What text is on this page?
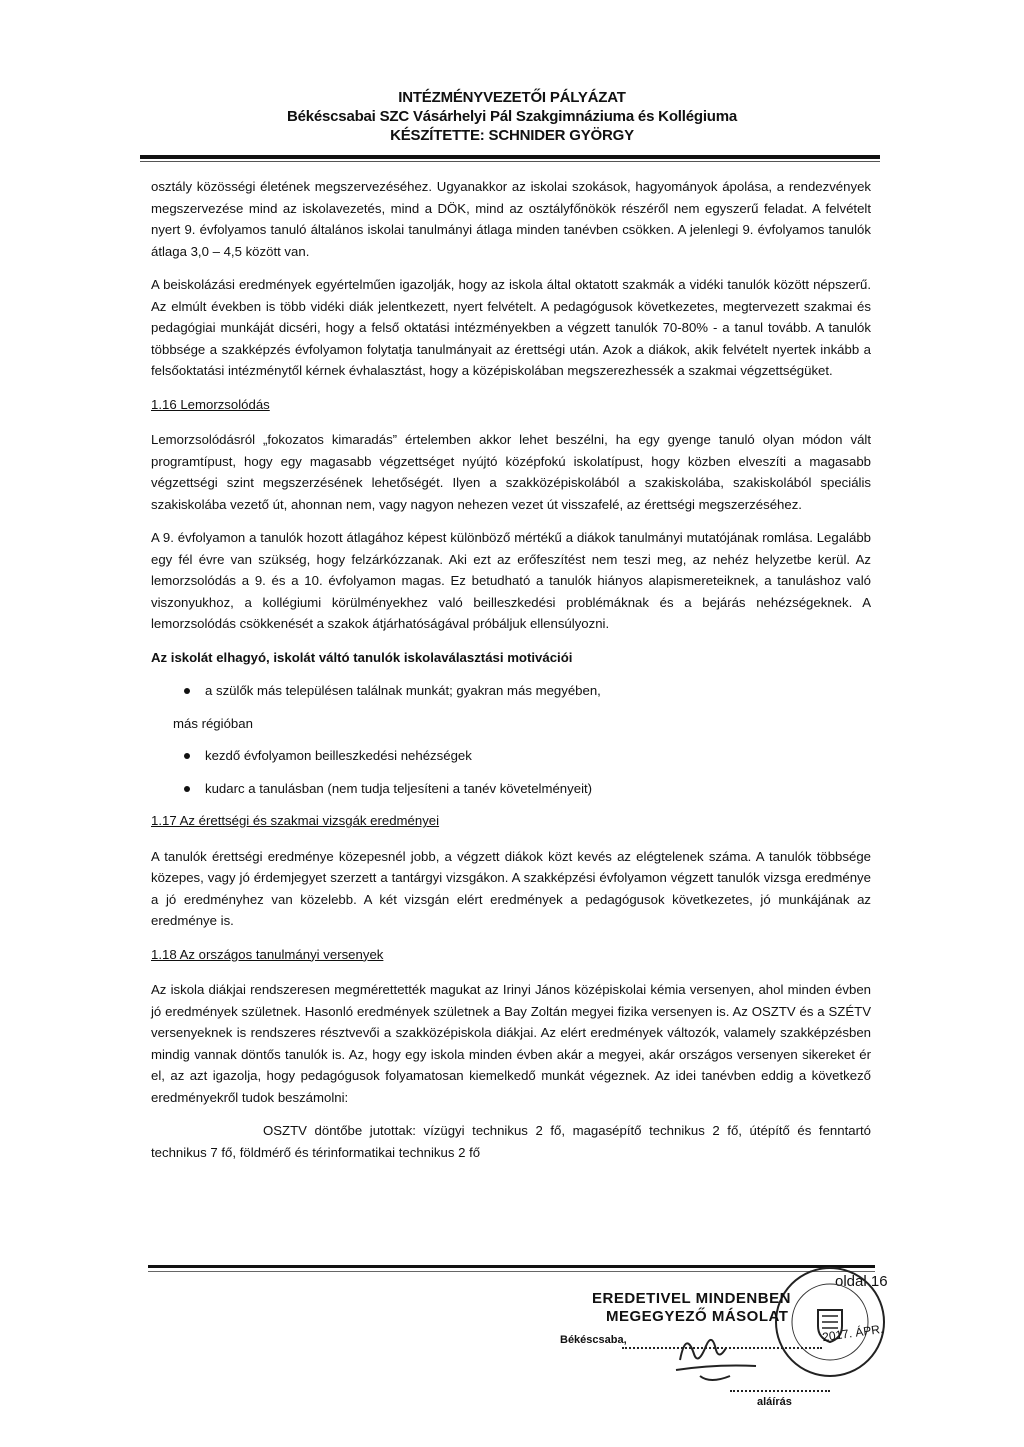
INTÉZMÉNYVEZETŐI PÁLYÁZAT
Békéscsabai SZC Vásárhelyi Pál Szakgimnáziuma és Kollégiuma
KÉSZÍTETTE: SCHNIDER GYÖRGY

osztály közösségi életének megszervezéséhez. Ugyanakkor az iskolai szokások, hagyományok ápolása, a rendezvények megszervezése mind az iskolavezetés, mind a DÖK, mind az osztályfőnökök részéről nem egyszerű feladat. A felvételt nyert 9. évfolyamos tanuló általános iskolai tanulmányi átlaga minden tanévben csökken. A jelenlegi 9. évfolyamos tanulók átlaga 3,0 – 4,5 között van.

A beiskolázási eredmények egyértelműen igazolják, hogy az iskola által oktatott szakmák a vidéki tanulók között népszerű. Az elmúlt években is több vidéki diák jelentkezett, nyert felvételt. A pedagógusok következetes, megtervezett szakmai és pedagógiai munkáját dicséri, hogy a felső oktatási intézményekben a végzett tanulók 70-80% - a tanul tovább. A tanulók többsége a szakképzés évfolyamon folytatja tanulmányait az érettségi után. Azok a diákok, akik felvételt nyertek inkább a felsőoktatási intézménytől kérnek évhalasztást, hogy a középiskolában megszerezhessék a szakmai végzettségüket.

1.16 Lemorzsolódás

Lemorzsolódásról „fokozatos kimaradás” értelemben akkor lehet beszélni, ha egy gyenge tanuló olyan módon vált programtípust, hogy egy magasabb végzettséget nyújtó középfokú iskolatípust, hogy közben elveszíti a magasabb végzettségi szint megszerzésének lehetőségét. Ilyen a szakközépiskolából a szakiskolába, szakiskolából speciális szakiskolába vezető út, ahonnan nem, vagy nagyon nehezen vezet út visszafelé, az érettségi megszerzéséhez.

A 9. évfolyamon a tanulók hozott átlagához képest különböző mértékű a diákok tanulmányi mutatójának romlása. Legalább egy fél évre van szükség, hogy felzárkózzanak. Aki ezt az erőfeszítést nem teszi meg, az nehéz helyzetbe kerül. Az lemorzsolódás a 9. és a 10. évfolyamon magas. Ez betudható a tanulók hiányos alapismereteiknek, a tanuláshoz való viszonyukhoz, a kollégiumi körülményekhez való beilleszkedési problémáknak és a bejárás nehézségeknek. A lemorzsolódás csökkenését a szakok átjárhatóságával próbáljuk ellensúlyozni.

Az iskolát elhagyó, iskolát váltó tanulók iskolaválasztási motivációi

a szülők más településen találnak munkát; gyakran más megyében,
más régióban
kezdő évfolyamon beilleszkedési nehézségek
kudarc a tanulásban (nem tudja teljesíteni a tanév követelményeit)
1.17 Az érettségi és szakmai vizsgák eredményei

A tanulók érettségi eredménye közepesnél jobb, a végzett diákok közt kevés az elégtelenek száma. A tanulók többsége közepes, vagy jó érdemjegyet szerzett a tantárgyi vizsgákon. A szakképzési évfolyamon végzett tanulók vizsga eredménye a jó eredményhez van közelebb. A két vizsgán elért eredmények a pedagógusok következetes, jó munkájának az eredménye is.

1.18 Az országos tanulmányi versenyek

Az iskola diákjai rendszeresen megmérettették magukat az Irinyi János középiskolai kémia versenyen, ahol minden évben jó eredmények születnek. Hasonló eredmények születnek a Bay Zoltán megyei fizika versenyen is. Az OSZTV és a SZÉTV versenyeknek is rendszeres résztvevői a szakközépiskola diákjai. Az elért eredmények változók, valamely szakképzésben mindig vannak döntős tanulók is. Az, hogy egy iskola minden évben akár a megyei, akár országos versenyen sikereket ér el, az azt igazolja, hogy pedagógusok folyamatosan kiemelkedő munkát végeznek. Az idei tanévben eddig a következő eredményekről tudok beszámolni:

OSZTV döntőbe jutottak: vízügyi technikus 2 fő, magasépítő technikus 2 fő, útépítő és fenntartó technikus 7 fő, földmérő és térinformatikai technikus 2 fő

oldal 16
EREDETIVEL MINDENBEN
MEGEGYEZŐ MÁSOLAT
Békéscsaba,	2017. ÁPR.
aláírás
